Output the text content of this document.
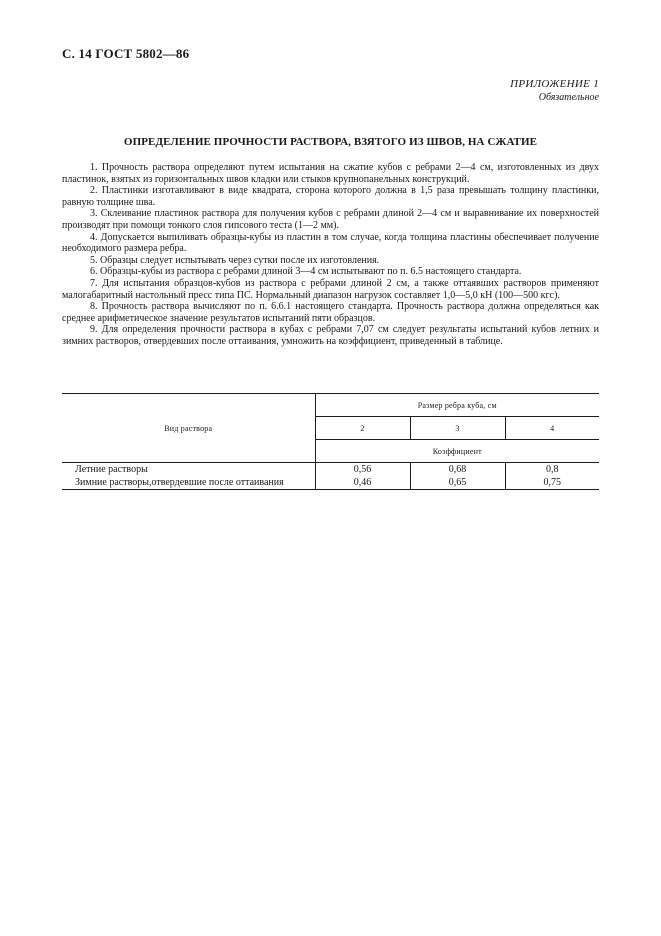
С. 14 ГОСТ 5802—86
ПРИЛОЖЕНИЕ 1
Обязательное
ОПРЕДЕЛЕНИЕ ПРОЧНОСТИ РАСТВОРА, ВЗЯТОГО ИЗ ШВОВ, НА СЖАТИЕ

1. Прочность раствора определяют путем испытания на сжатие кубов с ребрами 2—4 см, изготовленных из двух пластинок, взятых из горизонтальных швов кладки или стыков крупнопанельных конструкций.

2. Пластинки изготавливают в виде квадрата, сторона которого должна в 1,5 раза превышать толщину пластинки, равную толщине шва.

3. Склеивание пластинок раствора для получения кубов с ребрами длиной 2—4 см и выравнивание их поверхностей производят при помощи тонкого слоя гипсового теста (1—2 мм).

4. Допускается выпиливать образцы-кубы из пластин в том случае, когда толщина пластины обеспечивает получение необходимого размера ребра.

5. Образцы следует испытывать через сутки после их изготовления.

6. Образцы-кубы из раствора с ребрами длиной 3—4 см испытывают по п. 6.5 настоящего стандарта.

7. Для испытания образцов-кубов из раствора с ребрами длиной 2 см, а также оттаявших растворов применяют малогабаритный настольный пресс типа ПС. Нормальный диапазон нагрузок составляет 1,0—5,0 кН (100—500 кгс).

8. Прочность раствора вычисляют по п. 6.6.1 настоящего стандарта. Прочность раствора должна определяться как среднее арифметическое значение результатов испытаний пяти образцов.

9. Для определения прочности раствора в кубах с ребрами 7,07 см следует результаты испытаний кубов летних и зимних растворов, отвердевших после оттаивания, умножить на коэффициент, приведенный в таблице.

Вид раствора	Размер ребра куба, см		
	2	3	4
	Коэффициент		
Летние растворы	0,56	0,68	0,8
Зимние растворы,отвердевшие после оттаивания	0,46	0,65	0,75
